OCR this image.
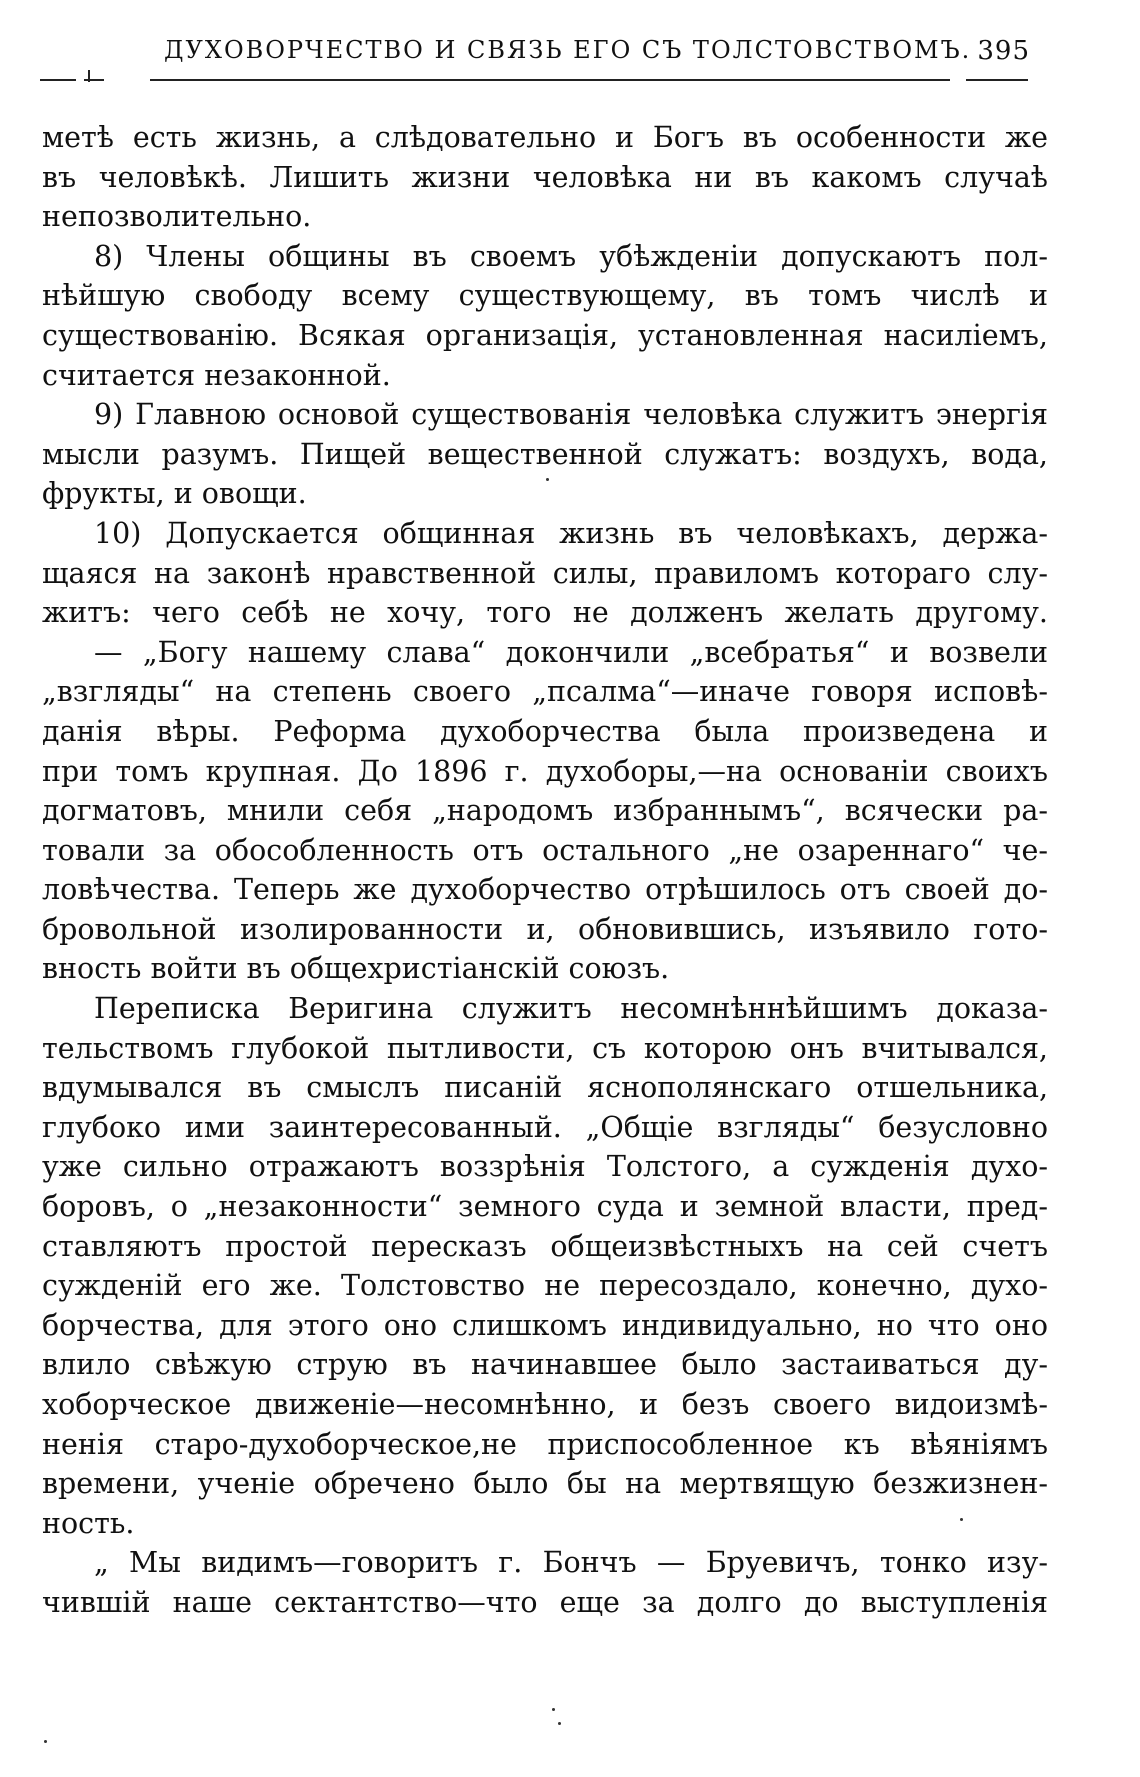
ДУХОВОРЧЕСТВО И СВЯЗЬ ЕГО СЪ ТОЛСТОВСТВОМЪ. 395
метѣ есть жизнь, а слѣдовательно и Богъ въ особенности же
въ человѣкѣ. Лишить жизни человѣка ни въ какомъ случаѣ
непозволительно.
8) Члены общины въ своемъ убѣжденiи допускаютъ пол-
нѣйшую свободу всему существующему, въ томъ числѣ и
существованiю. Всякая организацiя, установленная насилiемъ,
считается незаконной.
9) Главною основой существованiя человѣка служитъ энергiя
мысли разумъ. Пищей вещественной служатъ: воздухъ, вода,
фрукты, и овощи.
10) Допускается общинная жизнь въ человѣкахъ, держа-
щаяся на законѣ нравственной силы, правиломъ котораго слу-
житъ: чего себѣ не хочу, того не долженъ желать другому.
— „Богу нашему слава“ докончили „всебратья“ и возвели
„взгляды“ на степень своего „псалма“—иначе говоря исповѣ-
данiя вѣры. Реформа духоборчества была произведена и
при томъ крупная. До 1896 г. духоборы,—на основанiи своихъ
догматовъ, мнили себя „народомъ избраннымъ“, всячески ра-
товали за обособленность отъ остального „не озареннаго“ че-
ловѣчества. Теперь же духоборчество отрѣшилось отъ своей до-
бровольной изолированности и, обновившись, изъявило гото-
вность войти въ общехристiанскiй союзъ.
Переписка Веригина служитъ несомнѣннѣйшимъ доказа-
тельствомъ глубокой пытливости, съ которою онъ вчитывался,
вдумывался въ смыслъ писанiй яснополянскаго отшельника,
глубоко ими заинтересованный. „Общiе взгляды“ безусловно
уже сильно отражаютъ воззрѣнiя Толстого, а сужденiя духо-
боровъ, о „незаконности“ земного суда и земной власти, пред-
ставляютъ простой пересказъ общеизвѣстныхъ на сей счетъ
сужденiй его же. Толстовство не пересоздало, конечно, духо-
борчества, для этого оно слишкомъ индивидуально, но что оно
влило свѣжую струю въ начинавшее было застаиваться ду-
хоборческое движенiе—несомнѣнно, и безъ своего видоизмѣ-
ненiя старо-духоборческое,не приспособленное къ вѣянiямъ
времени, ученiе обречено было бы на мертвящую безжизнен-
ность.
„ Мы видимъ—говоритъ г. Бончъ — Бруевичъ, тонко изу-
чившiй наше сектантство—что еще за долго до выступленiя
